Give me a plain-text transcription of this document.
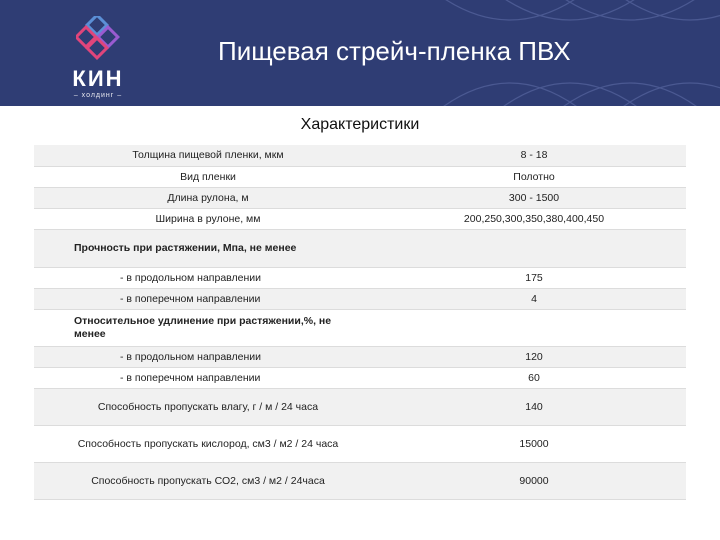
КИН
– холдинг –
Пищевая стрейч-пленка ПВХ
Характеристики
Толщина пищевой пленки, мкм	8 - 18
Вид пленки	Полотно
Длина рулона, м	300 - 1500
Ширина в рулоне, мм	200,250,300,350,380,400,450
Прочность при растяжении, Мпа, не менее	
- в продольном направлении	175
- в поперечном направлении	4
Относительное удлинение при растяжении,%, не менее	
- в продольном направлении	120
- в поперечном направлении	60
Способность пропускать влагу, г / м / 24 часа	140
Способность пропускать кислород, см3 / м2 / 24 часа	15000
Способность пропускать СО2, см3 / м2 / 24часа	90000
